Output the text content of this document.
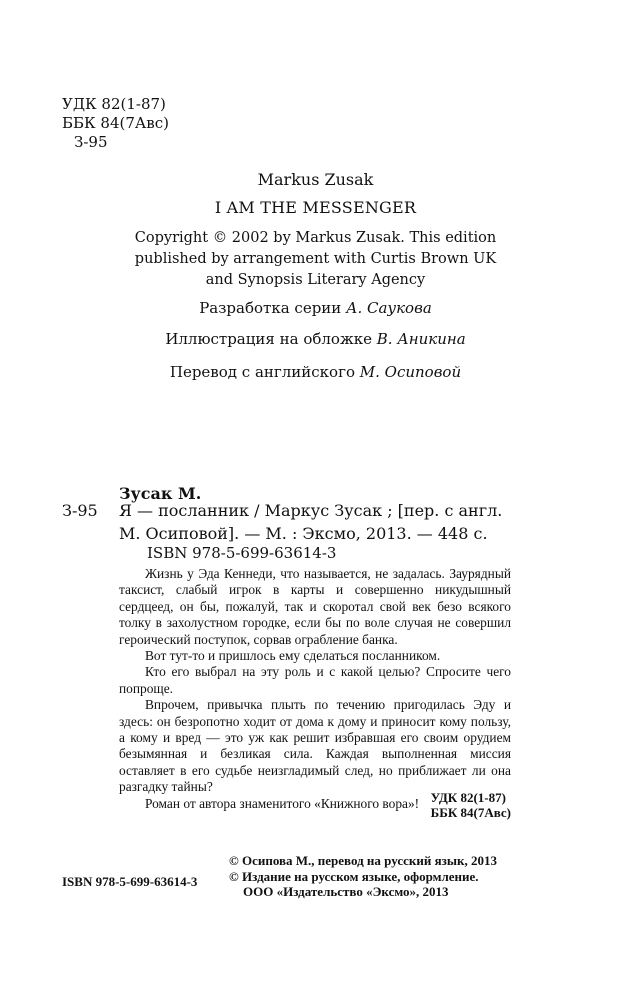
УДК 82(1-87)
ББК 84(7Авс)
З-95
Markus Zusak
I AM THE MESSENGER
Copyright © 2002 by Markus Zusak. This edition
published by arrangement with Curtis Brown UK
and Synopsis Literary Agency
Разработка серии А. Саукова
Иллюстрация на обложке В. Аникина
Перевод с английского М. Осиповой
Зусак М.
З-95 Я — посланник / Маркус Зусак ; [пер. с англ.
М. Осиповой]. — М. : Эксмо, 2013. — 448 с.
ISBN 978-5-699-63614-3

Жизнь у Эда Кеннеди, что называется, не задалась. Заурядный таксист, слабый игрок в карты и совершенно никудышный сердцеед, он бы, пожалуй, так и скоротал свой век безо всякого толку в захолустном городке, если бы по воле случая не совершил героический поступок, сорвав ограбление банка.

Вот тут-то и пришлось ему сделаться посланником.

Кто его выбрал на эту роль и с какой целью? Спросите чего попроще.

Впрочем, привычка плыть по течению пригодилась Эду и здесь: он безропотно ходит от дома к дому и приносит кому пользу, а кому и вред — это уж как решит избравшая его своим орудием безымянная и безликая сила. Каждая выполненная миссия оставляет в его судьбе неизгладимый след, но приближает ли она разгадку тайны?

Роман от автора знаменитого «Книжного вора»! УДК 82(1-87)
ББК 84(7Авс)
ISBN 978-5-699-63614-3
© Осипова М., перевод на русский язык, 2013
© Издание на русском языке, оформление.
ООО «Издательство «Эксмо», 2013
